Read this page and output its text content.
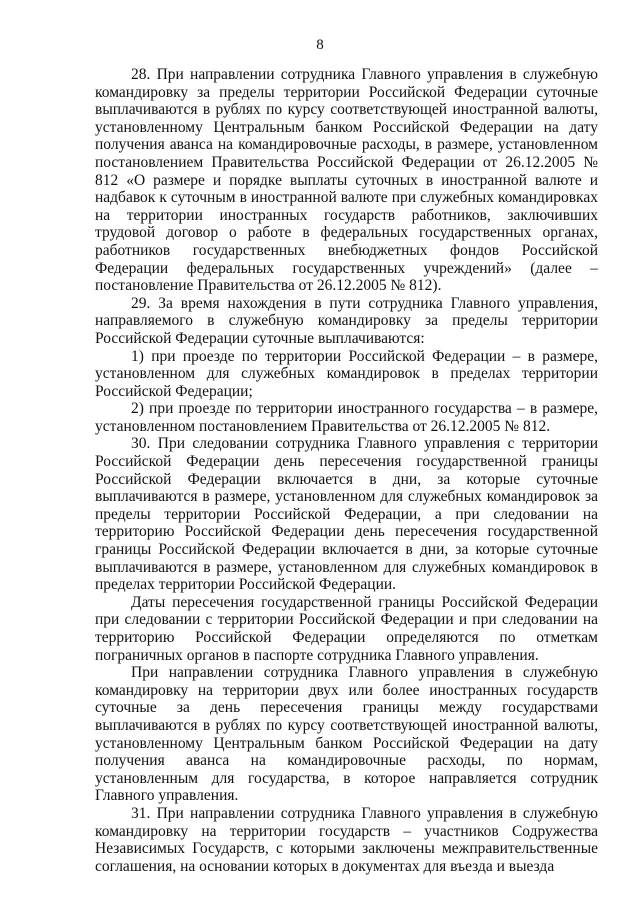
8

28. При направлении сотрудника Главного управления в служебную командировку за пределы территории Российской Федерации суточные выплачиваются в рублях по курсу соответствующей иностранной валюты, установленному Центральным банком Российской Федерации на дату получения аванса на командировочные расходы, в размере, установленном постановлением Правительства Российской Федерации от 26.12.2005 № 812 «О размере и порядке выплаты суточных в иностранной валюте и надбавок к суточным в иностранной валюте при служебных командировках на территории иностранных государств работников, заключивших трудовой договор о работе в федеральных государственных органах, работников государственных внебюджетных фондов Российской Федерации федеральных государственных учреждений» (далее – постановление Правительства от 26.12.2005 № 812).

29. За время нахождения в пути сотрудника Главного управления, направляемого в служебную командировку за пределы территории Российской Федерации суточные выплачиваются:

1) при проезде по территории Российской Федерации – в размере, установленном для служебных командировок в пределах территории Российской Федерации;

2) при проезде по территории иностранного государства – в размере, установленном постановлением Правительства от 26.12.2005 № 812.

30. При следовании сотрудника Главного управления с территории Российской Федерации день пересечения государственной границы Российской Федерации включается в дни, за которые суточные выплачиваются в размере, установленном для служебных командировок за пределы территории Российской Федерации, а при следовании на территорию Российской Федерации день пересечения государственной границы Российской Федерации включается в дни, за которые суточные выплачиваются в размере, установленном для служебных командировок в пределах территории Российской Федерации.

Даты пересечения государственной границы Российской Федерации при следовании с территории Российской Федерации и при следовании на территорию Российской Федерации определяются по отметкам пограничных органов в паспорте сотрудника Главного управления.

При направлении сотрудника Главного управления в служебную командировку на территории двух или более иностранных государств суточные за день пересечения границы между государствами выплачиваются в рублях по курсу соответствующей иностранной валюты, установленному Центральным банком Российской Федерации на дату получения аванса на командировочные расходы, по нормам, установленным для государства, в которое направляется сотрудник Главного управления.

31. При направлении сотрудника Главного управления в служебную командировку на территории государств – участников Содружества Независимых Государств, с которыми заключены межправительственные соглашения, на основании которых в документах для въезда и выезда
